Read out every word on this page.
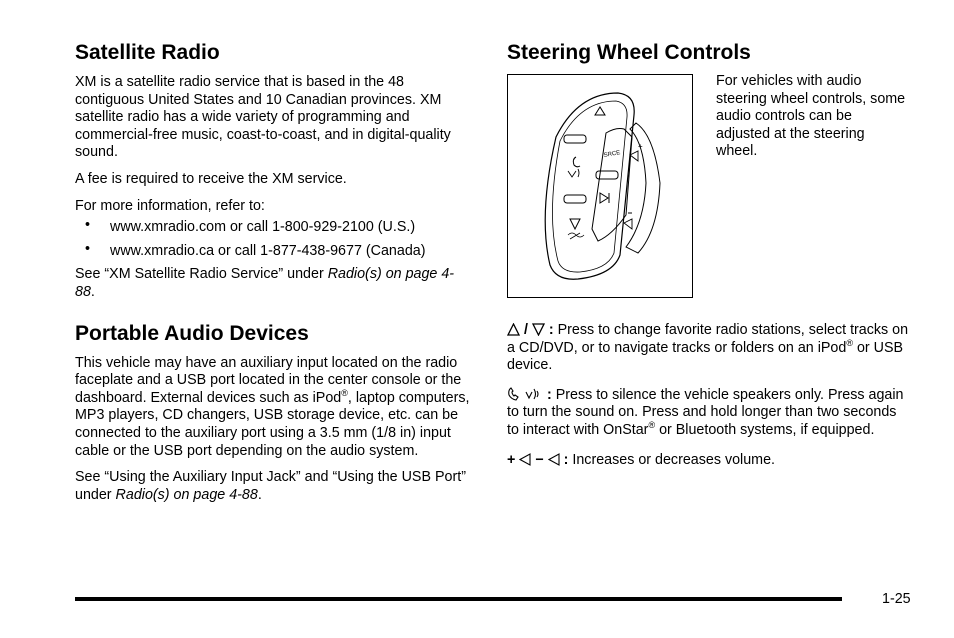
Satellite Radio

XM is a satellite radio service that is based in the 48 contiguous United States and 10 Canadian provinces. XM satellite radio has a wide variety of programming and commercial-free music, coast-to-coast, and in digital-quality sound.

A fee is required to receive the XM service.

For more information, refer to:

• www.xmradio.com or call 1-800-929-2100 (U.S.)
• www.xmradio.ca or call 1-877-438-9677 (Canada)

See “XM Satellite Radio Service” under Radio(s) on page 4-88.

Portable Audio Devices

This vehicle may have an auxiliary input located on the radio faceplate and a USB port located in the center console or the dashboard. External devices such as iPod®, laptop computers, MP3 players, CD changers, USB storage device, etc. can be connected to the auxiliary port using a 3.5 mm (1/8 in) input cable or the USB port depending on the audio system.

See “Using the Auxiliary Input Jack” and “Using the USB Port” under Radio(s) on page 4-88.

Steering Wheel Controls
SRCE
+
For vehicles with audio steering wheel controls, some audio controls can be adjusted at the steering wheel.

/  : Press to change favorite radio stations, select tracks on a CD/DVD, or to navigate tracks or folders on an iPod® or USB device.

: Press to silence the vehicle speakers only. Press again to turn the sound on. Press and hold longer than two seconds to interact with OnStar® or Bluetooth systems, if equipped.

+ −  : Increases or decreases volume.

1-25
